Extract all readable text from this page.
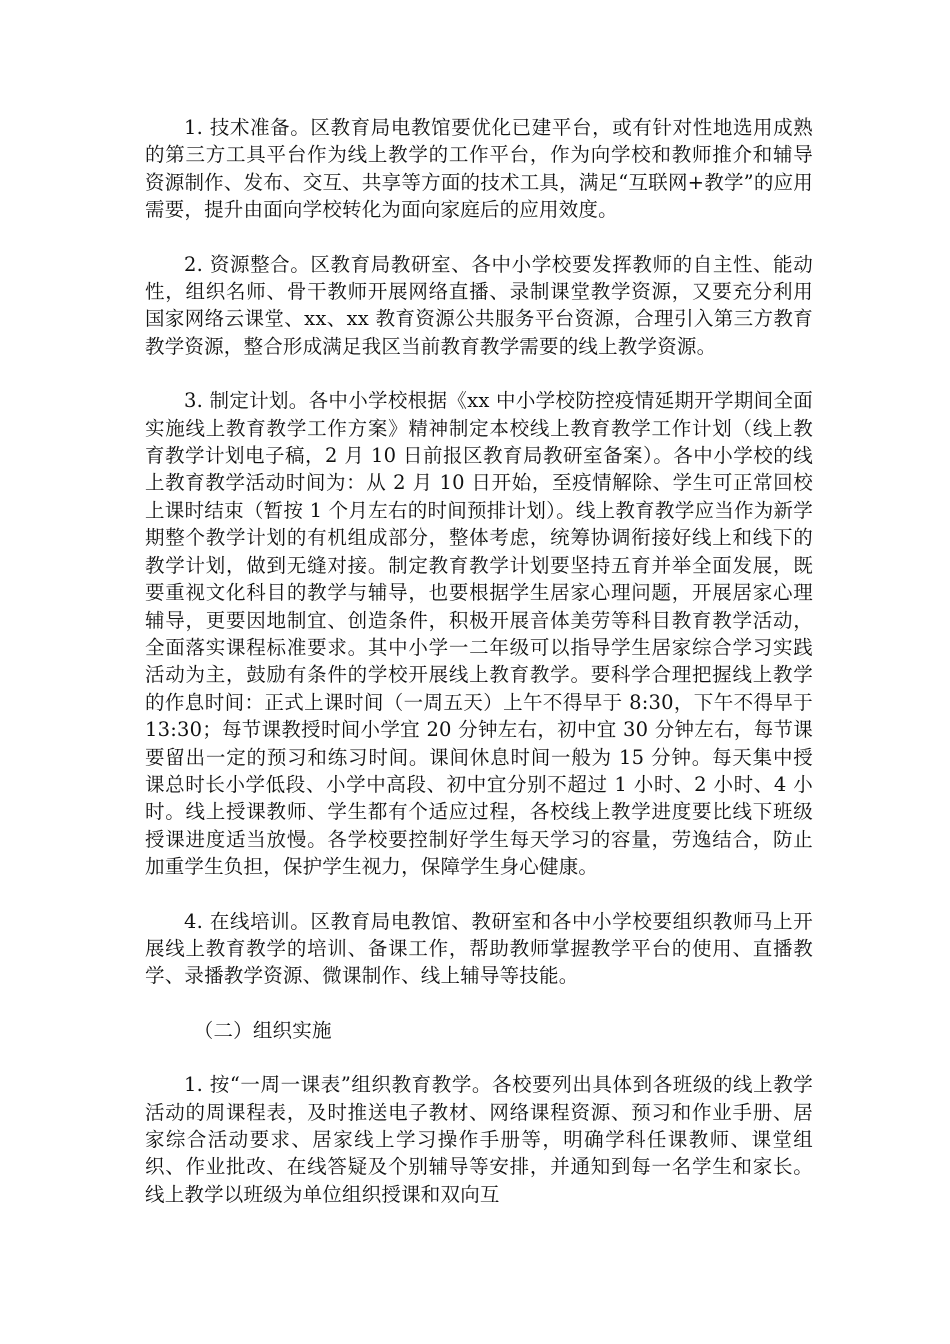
1. 技术准备。区教育局电教馆要优化已建平台，或有针对性地选用成熟的第三方工具平台作为线上教学的工作平台，作为向学校和教师推介和辅导资源制作、发布、交互、共享等方面的技术工具，满足“互联网+教学”的应用需要，提升由面向学校转化为面向家庭后的应用效度。

2. 资源整合。区教育局教研室、各中小学校要发挥教师的自主性、能动性，组织名师、骨干教师开展网络直播、录制课堂教学资源，又要充分利用国家网络云课堂、xx、xx 教育资源公共服务平台资源，合理引入第三方教育教学资源，整合形成满足我区当前教育教学需要的线上教学资源。

3. 制定计划。各中小学校根据《xx 中小学校防控疫情延期开学期间全面实施线上教育教学工作方案》精神制定本校线上教育教学工作计划（线上教育教学计划电子稿，2 月 10 日前报区教育局教研室备案）。各中小学校的线上教育教学活动时间为：从 2 月 10 日开始，至疫情解除、学生可正常回校上课时结束（暂按 1 个月左右的时间预排计划）。线上教育教学应当作为新学期整个教学计划的有机组成部分，整体考虑，统筹协调衔接好线上和线下的教学计划，做到无缝对接。制定教育教学计划要坚持五育并举全面发展，既要重视文化科目的教学与辅导，也要根据学生居家心理问题，开展居家心理辅导，更要因地制宜、创造条件，积极开展音体美劳等科目教育教学活动，全面落实课程标准要求。其中小学一二年级可以指导学生居家综合学习实践活动为主，鼓励有条件的学校开展线上教育教学。要科学合理把握线上教学的作息时间：正式上课时间（一周五天）上午不得早于 8:30，下午不得早于 13:30；每节课教授时间小学宜 20 分钟左右，初中宜 30 分钟左右，每节课要留出一定的预习和练习时间。课间休息时间一般为 15 分钟。每天集中授课总时长小学低段、小学中高段、初中宜分别不超过 1 小时、2 小时、4 小时。线上授课教师、学生都有个适应过程，各校线上教学进度要比线下班级授课进度适当放慢。各学校要控制好学生每天学习的容量，劳逸结合，防止加重学生负担，保护学生视力，保障学生身心健康。

4. 在线培训。区教育局电教馆、教研室和各中小学校要组织教师马上开展线上教育教学的培训、备课工作，帮助教师掌握教学平台的使用、直播教学、录播教学资源、微课制作、线上辅导等技能。

（二）组织实施

1. 按“一周一课表”组织教育教学。各校要列出具体到各班级的线上教学活动的周课程表，及时推送电子教材、网络课程资源、预习和作业手册、居家综合活动要求、居家线上学习操作手册等，明确学科任课教师、课堂组织、作业批改、在线答疑及个别辅导等安排，并通知到每一名学生和家长。线上教学以班级为单位组织授课和双向互
